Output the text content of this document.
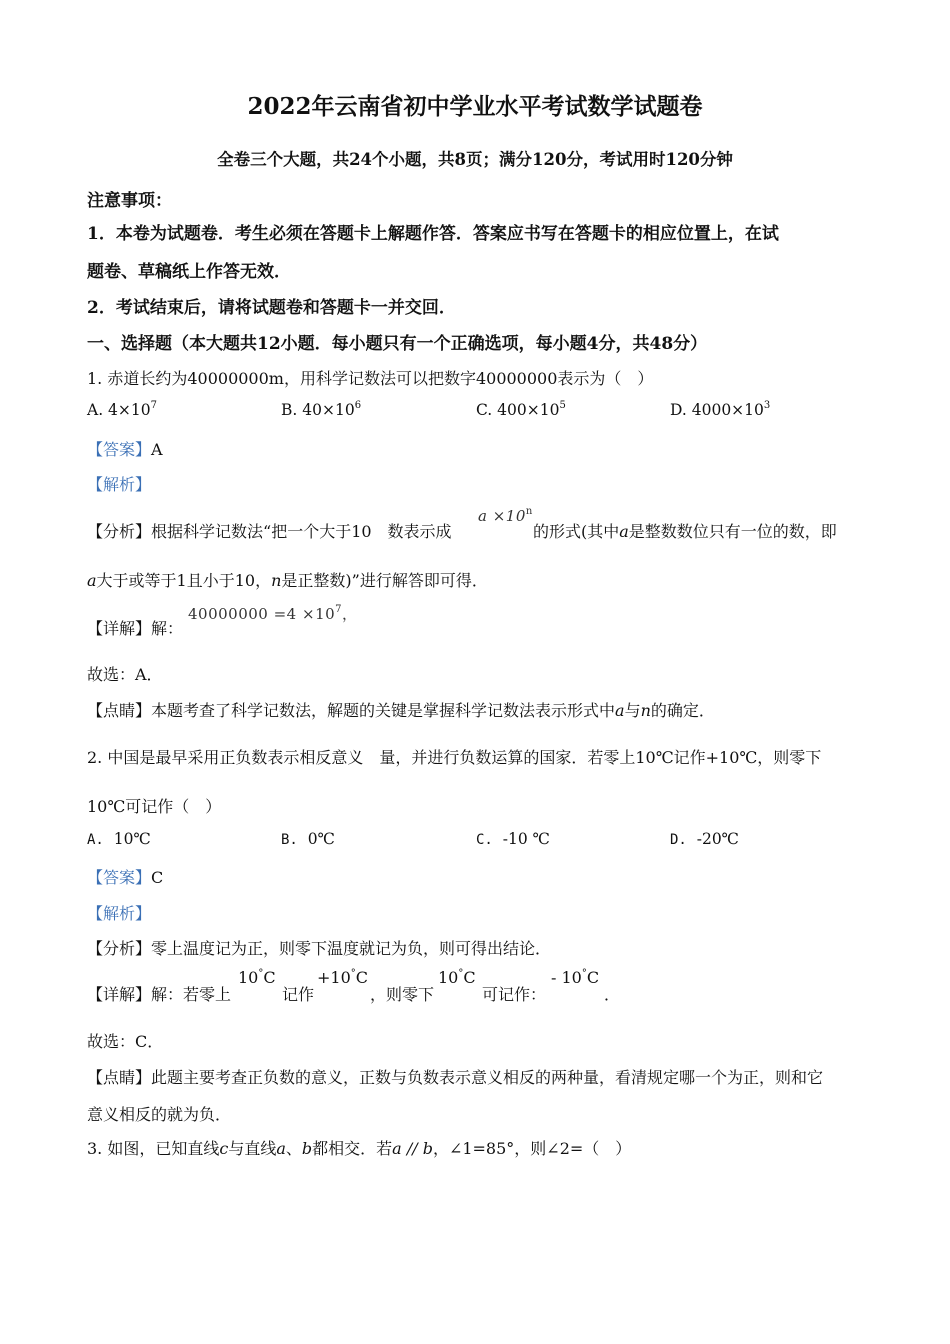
2022年云南省初中学业水平考试数学试题卷
全卷三个大题，共24个小题，共8页；满分120分，考试用时120分钟
注意事项：
1．本卷为试题卷．考生必须在答题卡上解题作答．答案应书写在答题卡的相应位置上，在试
题卷、草稿纸上作答无效．
2．考试结束后，请将试题卷和答题卡一并交回．
一、选择题（本大题共12小题．每小题只有一个正确选项，每小题4分，共48分）
1. 赤道长约为40000000m，用科学记数法可以把数字40000000表示为（　）
A. $4\times 10^7$	B. $40\times 10^6$	C. $400\times 10^5$	D. $4000\times 10^3$
【答案】A
【解析】
【分析】根据科学记数法“把一个大于10　数表示成
$a \times 10^n$
的形式(其中a是整数数位只有一位的数，即
a大于或等于1且小于10，n是正整数)”进行解答即可得．
【详解】解：
$40000000 =4 \times 10^7$，
故选：A．
【点睛】本题考查了科学记数法，解题的关键是掌握科学记数法表示形式中a与n的确定．
2. 中国是最早采用正负数表示相反意义　量，并进行负数运算的国家．若零上10℃记作+10℃，则零下
10℃可记作（　）
A. 10℃	B. 0℃	C. -10 ℃	D. -20℃
【答案】C
【解析】
【分析】零上温度记为正，则零下温度就记为负，则可得出结论．
【详解】解：若零上
10°C
记作
+10°C
，则零下
10°C
可记作：
- 10°C
．
故选：C．
【点睛】此题主要考查正负数的意义，正数与负数表示意义相反的两种量，看清规定哪一个为正，则和它
意义相反的就为负．
3. 如图，已知直线c与直线a、b都相交．若a // b，∠1=85°，则∠2=（　）
